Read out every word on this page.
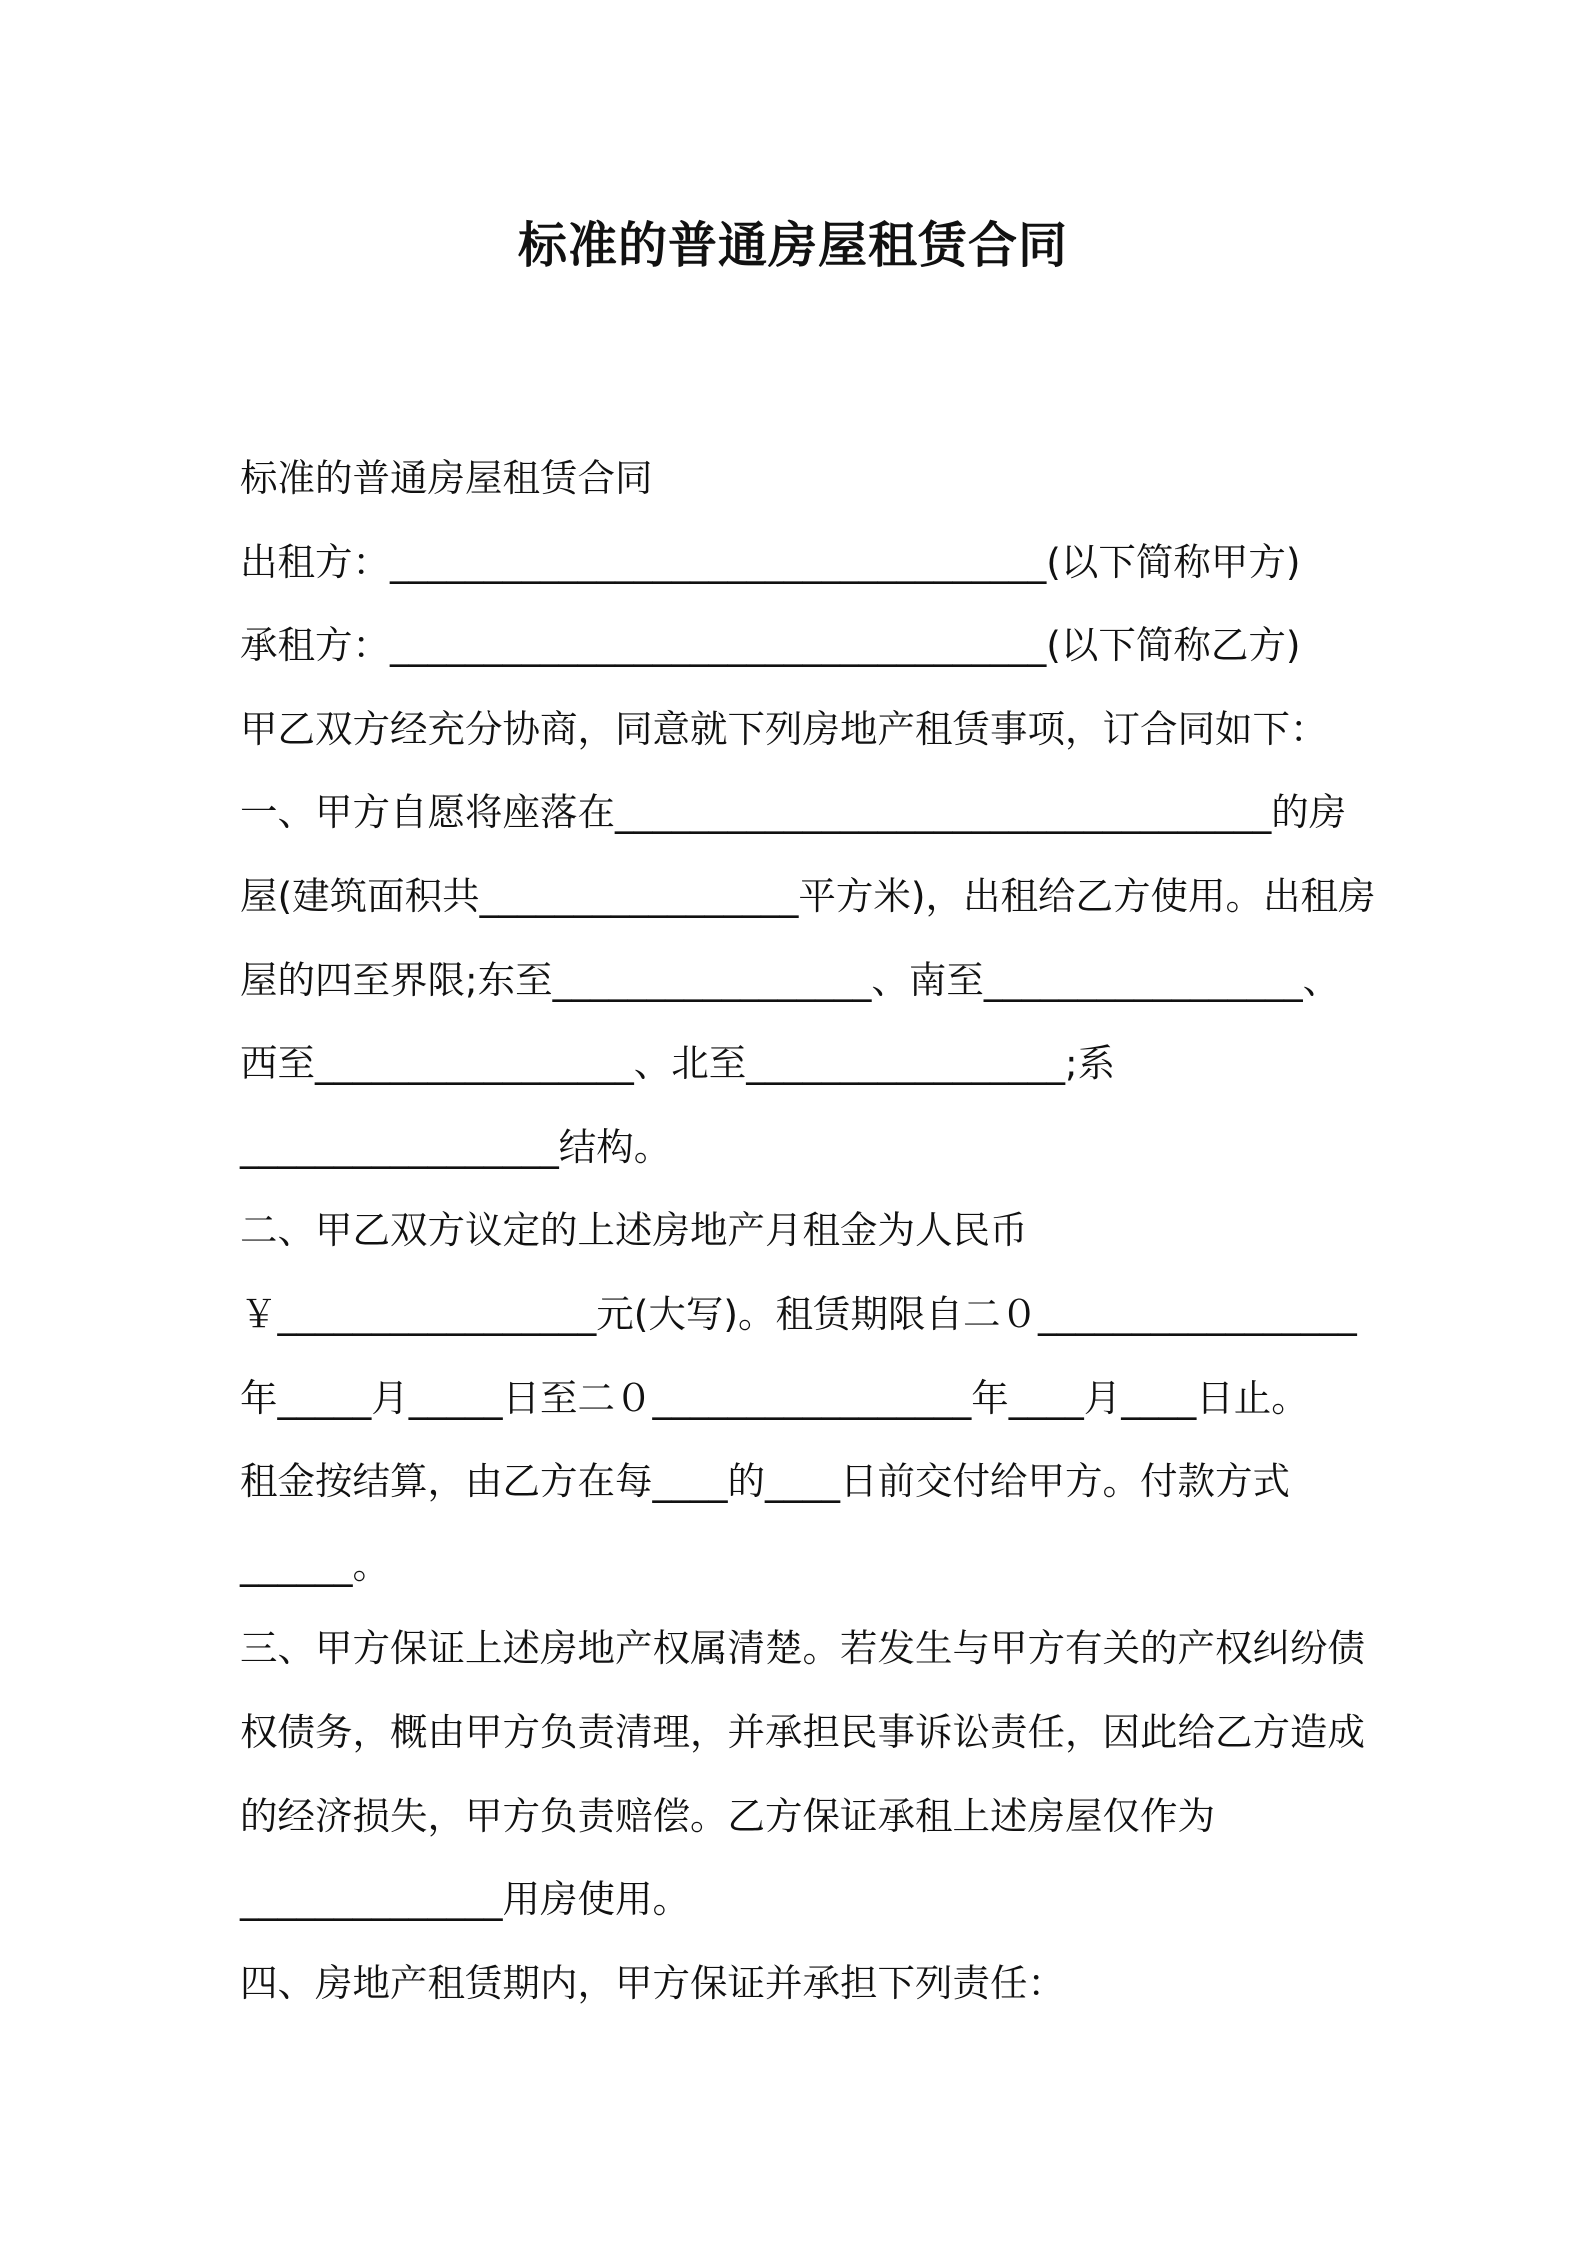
标准的普通房屋租赁合同
标准的普通房屋租赁合同
出租方：___________________________________(以下简称甲方)
承租方：___________________________________(以下简称乙方)
甲乙双方经充分协商，同意就下列房地产租赁事项，订合同如下：
一、甲方自愿将座落在___________________________________的房
屋(建筑面积共_________________平方米)，出租给乙方使用。出租房
屋的四至界限;东至_________________、南至_________________、
西至_________________、北至_________________;系
_________________结构。
二、甲乙双方议定的上述房地产月租金为人民币
￥_________________元(大写)。租赁期限自二０_________________
年_____月_____日至二０_________________年____月____日止。
租金按结算，由乙方在每____的____日前交付给甲方。付款方式
______。
三、甲方保证上述房地产权属清楚。若发生与甲方有关的产权纠纷债
权债务，概由甲方负责清理，并承担民事诉讼责任，因此给乙方造成
的经济损失，甲方负责赔偿。乙方保证承租上述房屋仅作为
______________用房使用。
四、房地产租赁期内，甲方保证并承担下列责任：
